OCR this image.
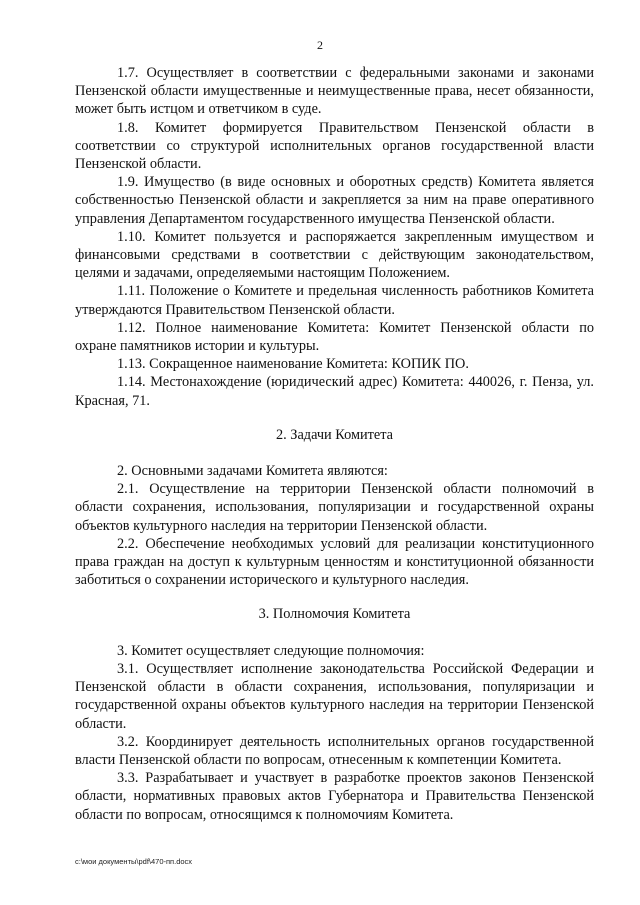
2

1.7. Осуществляет в соответствии с федеральными законами и законами Пензенской области имущественные и неимущественные права, несет обязанности, может быть истцом и ответчиком в суде.

1.8. Комитет формируется Правительством Пензенской области в соответствии со структурой исполнительных органов государственной власти Пензенской области.

1.9. Имущество (в виде основных и оборотных средств) Комитета является собственностью Пензенской области и закрепляется за ним на праве оперативного управления Департаментом государственного имущества Пензенской области.

1.10. Комитет пользуется и распоряжается закрепленным имуществом и финансовыми средствами в соответствии с действующим законодательством, целями и задачами, определяемыми настоящим Положением.

1.11. Положение о Комитете и предельная численность работников Комитета утверждаются Правительством Пензенской области.

1.12. Полное наименование Комитета: Комитет Пензенской области по охране памятников истории и культуры.

1.13. Сокращенное наименование Комитета: КОПИК ПО.

1.14. Местонахождение (юридический адрес) Комитета: 440026, г. Пенза, ул. Красная, 71.

2. Задачи Комитета

2. Основными задачами Комитета являются:

2.1. Осуществление на территории Пензенской области полномочий в области сохранения, использования, популяризации и государственной охраны объектов культурного наследия на территории Пензенской области.

2.2. Обеспечение необходимых условий для реализации конституционного права граждан на доступ к культурным ценностям и конституционной обязанности заботиться о сохранении исторического и культурного наследия.

3. Полномочия Комитета

3. Комитет осуществляет следующие полномочия:

3.1. Осуществляет исполнение законодательства Российской Федерации и Пензенской области в области сохранения, использования, популяризации и государственной охраны объектов культурного наследия на территории Пензенской области.

3.2. Координирует деятельность исполнительных органов государственной власти Пензенской области по вопросам, отнесенным к компетенции Комитета.

3.3. Разрабатывает и участвует в разработке проектов законов Пензенской области, нормативных правовых актов Губернатора и Правительства Пензенской области по вопросам, относящимся к полномочиям Комитета.

c:\мои документы\pdf\470-пп.docx
